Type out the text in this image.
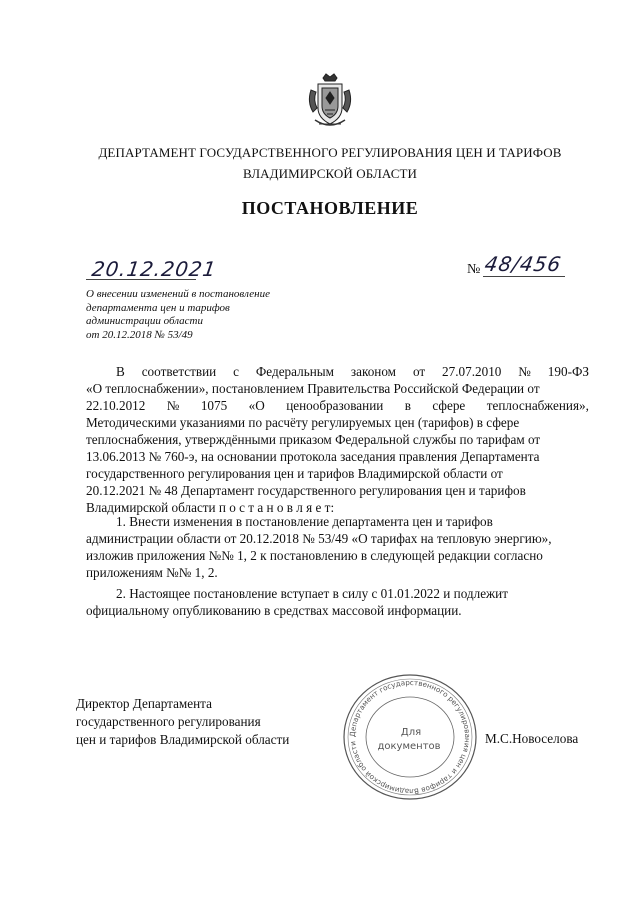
ДЕПАРТАМЕНТ ГОСУДАРСТВЕННОГО РЕГУЛИРОВАНИЯ ЦЕН И ТАРИФОВ
ВЛАДИМИРСКОЙ ОБЛАСТИ
ПОСТАНОВЛЕНИЕ
20.12.2021	№ 48/456
О внесении изменений в постановление
департамента цен и тарифов
администрации области
от 20.12.2018 № 53/49
В соответствии с Федеральным законом от 27.07.2010 № 190-ФЗ
«О теплоснабжении», постановлением Правительства Российской Федерации от
22.10.2012 № 1075 «О ценообразовании в сфере теплоснабжения»,
Методическими указаниями по расчёту регулируемых цен (тарифов) в сфере
теплоснабжения, утверждёнными приказом Федеральной службы по тарифам от
13.06.2013 № 760-э, на основании протокола заседания правления Департамента
государственного регулирования цен и тарифов Владимирской области от
20.12.2021 № 48 Департамент государственного регулирования цен и тарифов
Владимирской области п о с т а н о в л я е т:
1. Внести изменения в постановление департамента цен и тарифов
администрации области от 20.12.2018 № 53/49 «О тарифах на тепловую энергию»,
изложив приложения №№ 1, 2 к постановлению в следующей редакции согласно
приложениям №№ 1, 2.
2. Настоящее постановление вступает в силу с 01.01.2022 и подлежит
официальному опубликованию в средствах массовой информации.
Директор Департамента
государственного регулирования
цен и тарифов Владимирской области	Департамент государственного регулирования цен и тарифов Владимирской области
Для
документов
М.С.Новоселова
